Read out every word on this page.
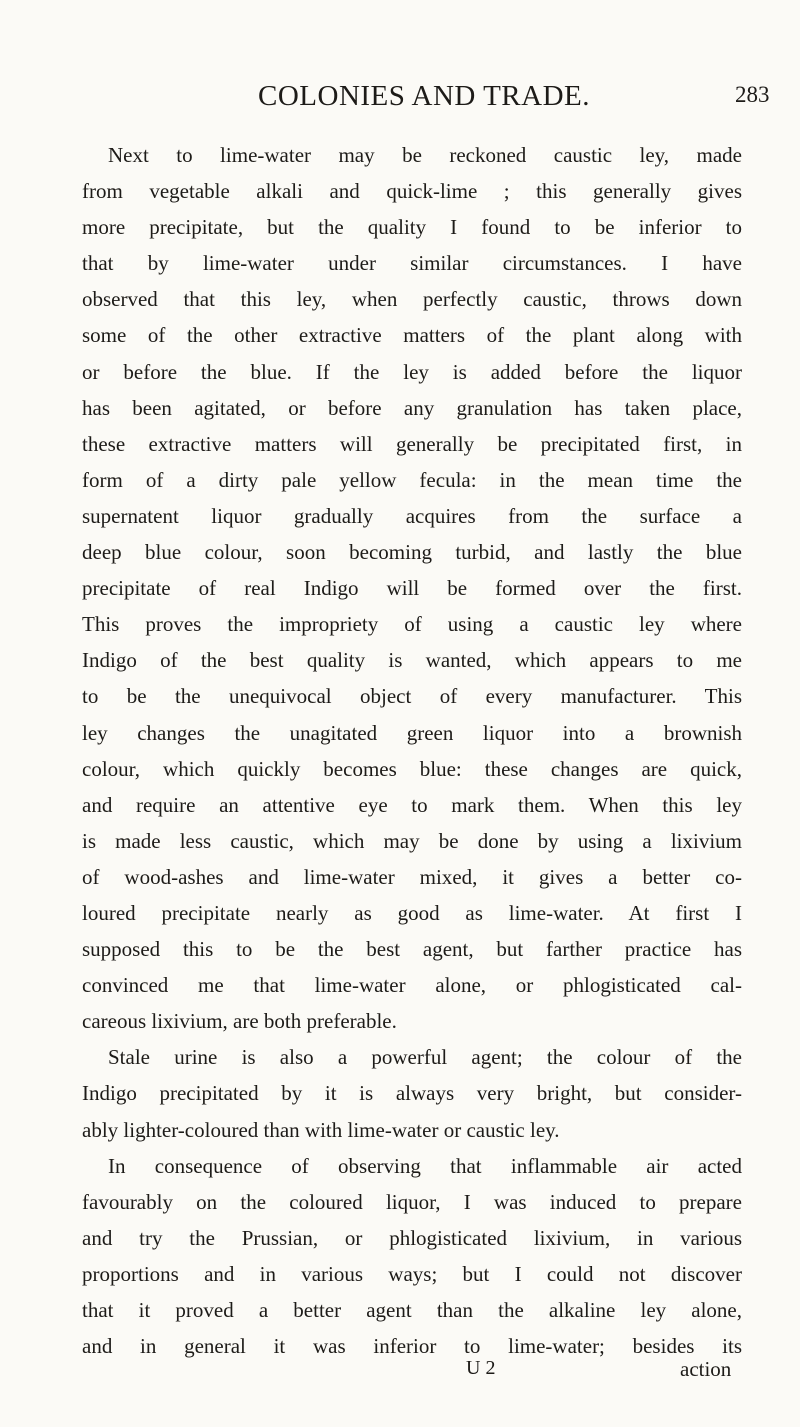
COLONIES AND TRADE.	283
Next to lime-water may be reckoned caustic ley, made
from vegetable alkali and quick-lime ; this generally gives
more precipitate, but the quality I found to be inferior to
that by lime-water under similar circumstances. I have
observed that this ley, when perfectly caustic, throws down
some of the other extractive matters of the plant along with
or before the blue. If the ley is added before the liquor
has been agitated, or before any granulation has taken place,
these extractive matters will generally be precipitated first, in
form of a dirty pale yellow fecula: in the mean time the
supernatent liquor gradually acquires from the surface a
deep blue colour, soon becoming turbid, and lastly the blue
precipitate of real Indigo will be formed over the first.
This proves the impropriety of using a caustic ley where
Indigo of the best quality is wanted, which appears to me
to be the unequivocal object of every manufacturer. This
ley changes the unagitated green liquor into a brownish
colour, which quickly becomes blue: these changes are quick,
and require an attentive eye to mark them. When this ley
is made less caustic, which may be done by using a lixivium
of wood-ashes and lime-water mixed, it gives a better co-
loured precipitate nearly as good as lime-water. At first I
supposed this to be the best agent, but farther practice has
convinced me that lime-water alone, or phlogisticated cal-
careous lixivium, are both preferable.
Stale urine is also a powerful agent; the colour of the
Indigo precipitated by it is always very bright, but consider-
ably lighter-coloured than with lime-water or caustic ley.
In consequence of observing that inflammable air acted
favourably on the coloured liquor, I was induced to prepare
and try the Prussian, or phlogisticated lixivium, in various
proportions and in various ways; but I could not discover
that it proved a better agent than the alkaline ley alone,
and in general it was inferior to lime-water; besides its
U 2	action
